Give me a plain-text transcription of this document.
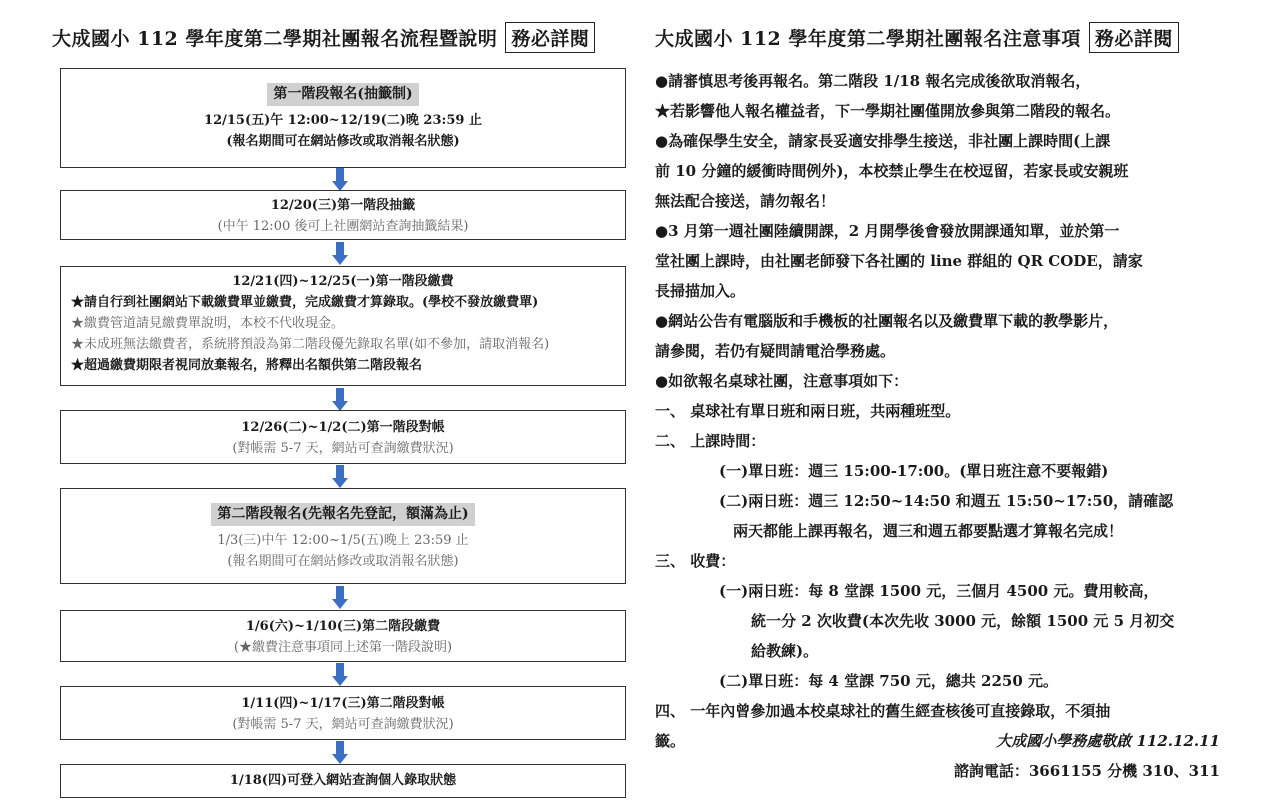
大成國小 112 學年度第二學期社團報名流程暨說明 務必詳閱	大成國小 112 學年度第二學期社團報名注意事項 務必詳閱
第一階段報名(抽籤制)
12/15(五)午 12:00~12/19(二)晚 23:59 止
(報名期間可在網站修改或取消報名狀態)
12/20(三)第一階段抽籤
(中午 12:00 後可上社團網站查詢抽籤結果)
12/21(四)~12/25(一)第一階段繳費
★請自行到社團網站下載繳費單並繳費，完成繳費才算錄取。(學校不發放繳費單)
★繳費管道請見繳費單說明，本校不代收現金。
★未成班無法繳費者，系統將預設為第二階段優先錄取名單(如不參加，請取消報名)
★超過繳費期限者視同放棄報名，將釋出名額供第二階段報名
12/26(二)~1/2(二)第一階段對帳
(對帳需 5-7 天，網站可查詢繳費狀況)
第二階段報名(先報名先登記，額滿為止)
1/3(三)中午 12:00~1/5(五)晚上 23:59 止
(報名期間可在網站修改或取消報名狀態)
1/6(六)~1/10(三)第二階段繳費
(★繳費注意事項同上述第一階段說明)
1/11(四)~1/17(三)第二階段對帳
(對帳需 5-7 天，網站可查詢繳費狀況)
1/18(四)可登入網站查詢個人錄取狀態
●請審慎思考後再報名。第二階段 1/18 報名完成後欲取消報名，
★若影響他人報名權益者，下一學期社團僅開放參與第二階段的報名。
●為確保學生安全，請家長妥適安排學生接送，非社團上課時間(上課
前 10 分鐘的緩衝時間例外)，本校禁止學生在校逗留，若家長或安親班
無法配合接送，請勿報名！
●3 月第一週社團陸續開課，2 月開學後會發放開課通知單，並於第一
堂社團上課時，由社團老師發下各社團的 line 群組的 QR CODE，請家
長掃描加入。
●網站公告有電腦版和手機板的社團報名以及繳費單下載的教學影片，
請參閱，若仍有疑問請電洽學務處。
●如欲報名桌球社團，注意事項如下：
一、 桌球社有單日班和兩日班，共兩種班型。
二、 上課時間：
(一)單日班：週三 15:00-17:00。(單日班注意不要報錯)
(二)兩日班：週三 12:50~14:50 和週五 15:50~17:50，請確認
兩天都能上課再報名，週三和週五都要點選才算報名完成！
三、 收費：
(一)兩日班：每 8 堂課 1500 元，三個月 4500 元。費用較高，
統一分 2 次收費(本次先收 3000 元，餘額 1500 元 5 月初交
給教練)。
(二)單日班：每 4 堂課 750 元，總共 2250 元。
四、 一年內曾參加過本校桌球社的舊生經查核後可直接錄取，不須抽
籤。	大成國小學務處敬啟 112.12.11
諮詢電話：3661155 分機 310、311
